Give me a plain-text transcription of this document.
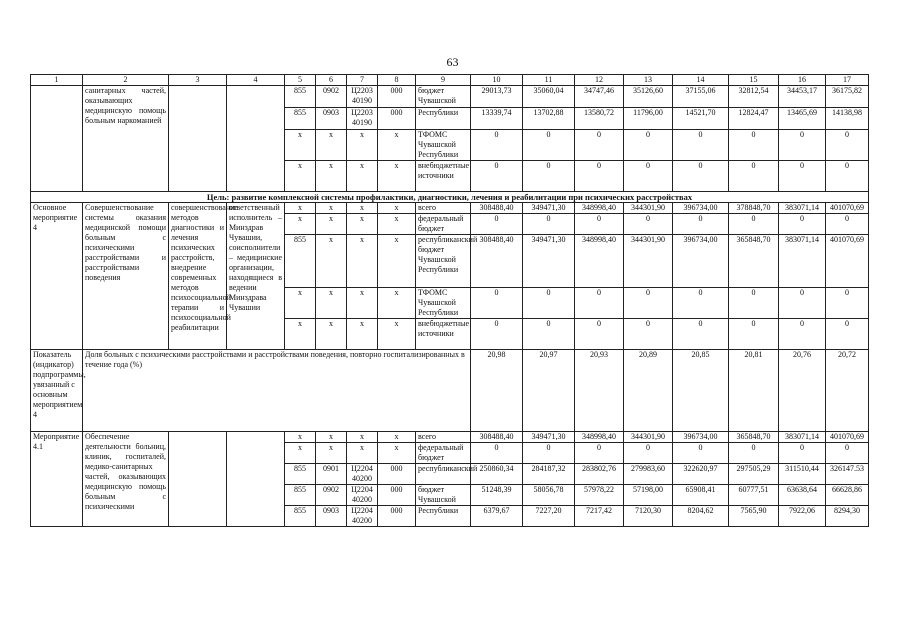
63
1	2	3	4	5	6	7	8	9	10	11	12	13	14	15	16	17
	санитарных частей, оказывающих медицинскую помощь больным наркоманией			855	0902	Ц2203 40190	000	бюджет Чувашской	29013,73	35060,04	34747,46	35126,60	37155,06	32812,54	34453,17	36175,82
				855	0903	Ц2203 40190	000	Республики	13339,74	13702,88	13580,72	11796,00	14521,70	12824,47	13465,69	14138,98
				х	х	х	х	ТФОМС Чувашской Республики	0	0	0	0	0	0	0	0
				х	х	х	х	внебюджетные источники	0	0	0	0	0	0	0	0
Цель: развитие комплексной системы профилактики, диагностики, лечения и реабилитации при психических расстройствах																
Основное мероприятие 4	Совершенствование системы оказания медицинской помощи больным с психическими расстройствами и расстройствами поведения	совершенствование методов диагностики и лечения психических расстройств, внедрение современных методов психосоциальной терапии и психосоциальной реабилитации	ответственный исполнитель – Минздрав Чувашии, соисполнители – медицинские организации, находящиеся в ведении Минздрава Чувашии	х	х	х	х	всего	308488,40	349471,30	348998,40	344301,90	396734,00	378848,70	383071,14	401070,69
				х	х	х	х	федеральный бюджет	0	0	0	0	0	0	0	0
				855	х	х	х	республиканский бюджет Чувашской Республики	308488,40	349471,30	348998,40	344301,90	396734,00	365848,70	383071,14	401070,69
				х	х	х	х	ТФОМС Чувашской Республики	0	0	0	0	0	0	0	0
				х	х	х	х	внебюджетные источники	0	0	0	0	0	0	0	0
Показатель (индикатор) подпрограммы, увязанный с основным мероприятием 4	Доля больных с психическими расстройствами и расстройствами поведения, повторно госпитализированных в течение года (%)								20,98	20,97	20,93	20,89	20,85	20,81	20,76	20,72
Мероприятие 4.1	Обеспечение деятельности больниц, клиник, госпиталей, медико-санитарных частей, оказывающих медицинскую помощь больным с психическими			х	х	х	х	всего	308488,40	349471,30	348998,40	344301,90	396734,00	365848,70	383071,14	401070,69
				х	х	х	х	федеральный бюджет	0	0	0	0	0	0	0	0
				855	0901	Ц2204 40200	000	республиканский	250860,34	284187,32	283802,76	279983,60	322620,97	297505,29	311510,44	326147.53
				855	0902	Ц2204 40200	000	бюджет Чувашской	51248,39	58056,78	57978,22	57198,00	65908,41	60777,51	63638,64	66628,86
				855	0903	Ц2204 40200	000	Республики	6379,67	7227,20	7217,42	7120,30	8204,62	7565,90	7922,06	8294,30
